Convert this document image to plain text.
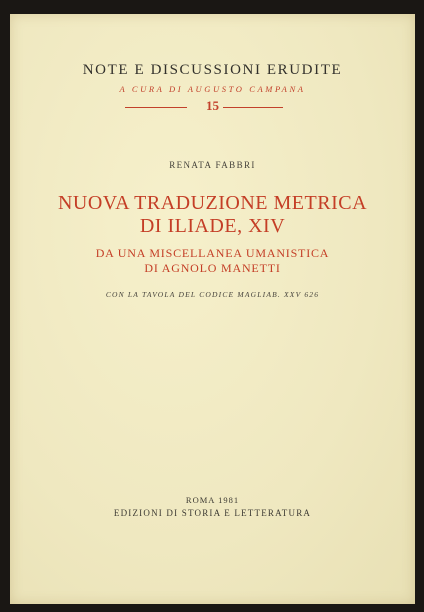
NOTE E DISCUSSIONI ERUDITE
A CURA DI AUGUSTO CAMPANA
15
RENATA FABBRI
NUOVA TRADUZIONE METRICA
DI ILIADE, XIV
DA UNA MISCELLANEA UMANISTICA
DI AGNOLO MANETTI
CON LA TAVOLA DEL CODICE MAGLIAB. XXV 626
ROMA 1981
EDIZIONI DI STORIA E LETTERATURA
